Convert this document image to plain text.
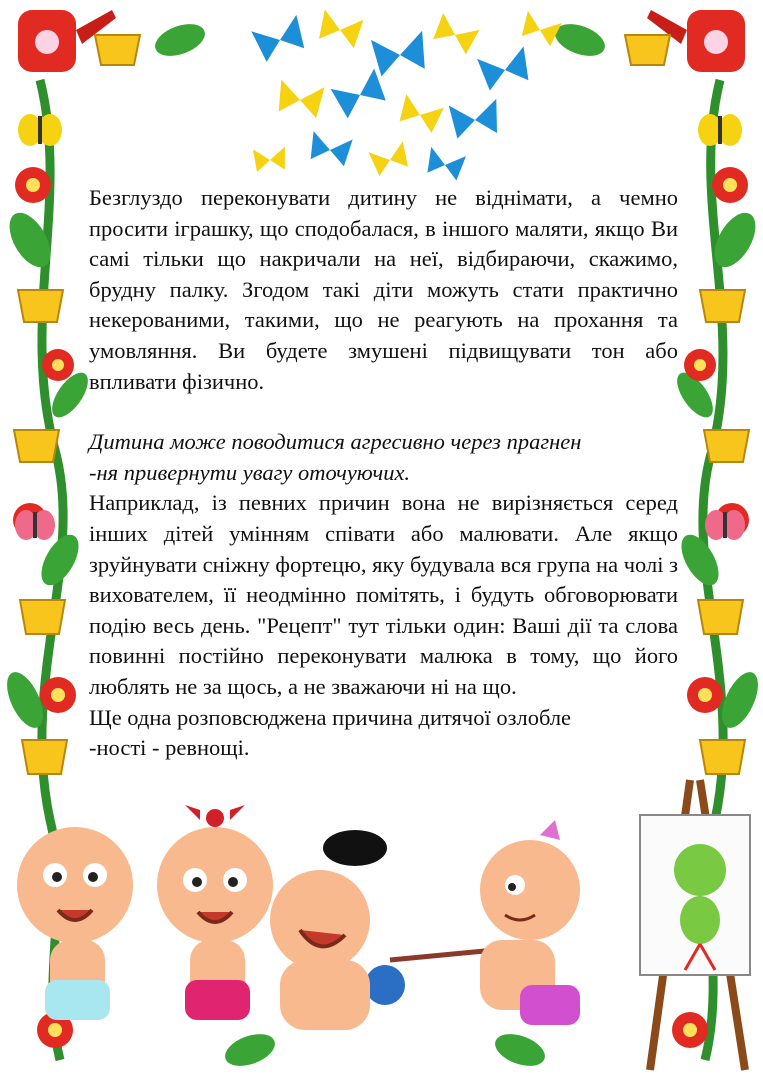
Безглуздо переконувати дитину не віднімати, а чемно просити іграшку, що сподобалася, в іншого маляти, якщо Ви самі тільки що накричали на неї, відбираючи, скажимо, брудну палку. Згодом такі діти можуть стати практично некерованими, такими, що не реагують на прохання та умовляння. Ви будете змушені підвищувати тон або впливати фізично.

Дитина може поводитися агресивно через прагнен

-ня привернути увагу оточуючих.

Наприклад, із певних причин вона не вирізняється серед інших дітей умінням співати або малювати. Але якщо зруйнувати сніжну фортецю, яку будувала вся група на чолі з вихователем, її неодмінно помітять, і будуть обговорювати подію весь день. "Рецепт" тут тільки один: Ваші дії та слова повинні постійно переконувати малюка в тому, що його люблять не за щось, а не зважаючи ні на що.

Ще одна розповсюджена причина дитячої озлобле

-ності - ревнощі.
